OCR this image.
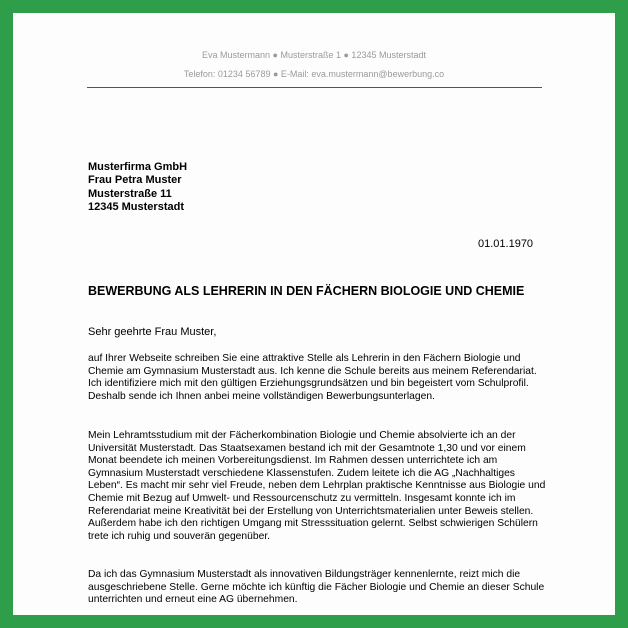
Eva Mustermann ● Musterstraße 1 ● 12345 Musterstadt
Telefon: 01234 56789 ● E-Mail: eva.mustermann@bewerbung.co
Musterfirma GmbH
Frau Petra Muster
Musterstraße 11
12345 Musterstadt
01.01.1970
BEWERBUNG ALS LEHRERIN IN DEN FÄCHERN BIOLOGIE UND CHEMIE
Sehr geehrte Frau Muster,

auf Ihrer Webseite schreiben Sie eine attraktive Stelle als Lehrerin in den Fächern Biologie und Chemie am Gymnasium Musterstadt aus. Ich kenne die Schule bereits aus meinem Referendariat. Ich identifiziere mich mit den gültigen Erziehungsgrundsätzen und bin begeistert vom Schulprofil. Deshalb sende ich Ihnen anbei meine vollständigen Bewerbungsunterlagen.

Mein Lehramtsstudium mit der Fächerkombination Biologie und Chemie absolvierte ich an der Universität Musterstadt. Das Staatsexamen bestand ich mit der Gesamtnote 1,30 und vor einem Monat beendete ich meinen Vorbereitungsdienst. Im Rahmen dessen unterrichtete ich am Gymnasium Musterstadt verschiedene Klassenstufen. Zudem leitete ich die AG „Nachhaltiges Leben“. Es macht mir sehr viel Freude, neben dem Lehrplan praktische Kenntnisse aus Biologie und Chemie mit Bezug auf Umwelt- und Ressourcenschutz zu vermitteln. Insgesamt konnte ich im Referendariat meine Kreativität bei der Erstellung von Unterrichtsmaterialien unter Beweis stellen. Außerdem habe ich den richtigen Umgang mit Stresssituation gelernt. Selbst schwierigen Schülern trete ich ruhig und souverän gegenüber.

Da ich das Gymnasium Musterstadt als innovativen Bildungsträger kennenlernte, reizt mich die ausgeschriebene Stelle. Gerne möchte ich künftig die Fächer Biologie und Chemie an dieser Schule unterrichten und erneut eine AG übernehmen.
